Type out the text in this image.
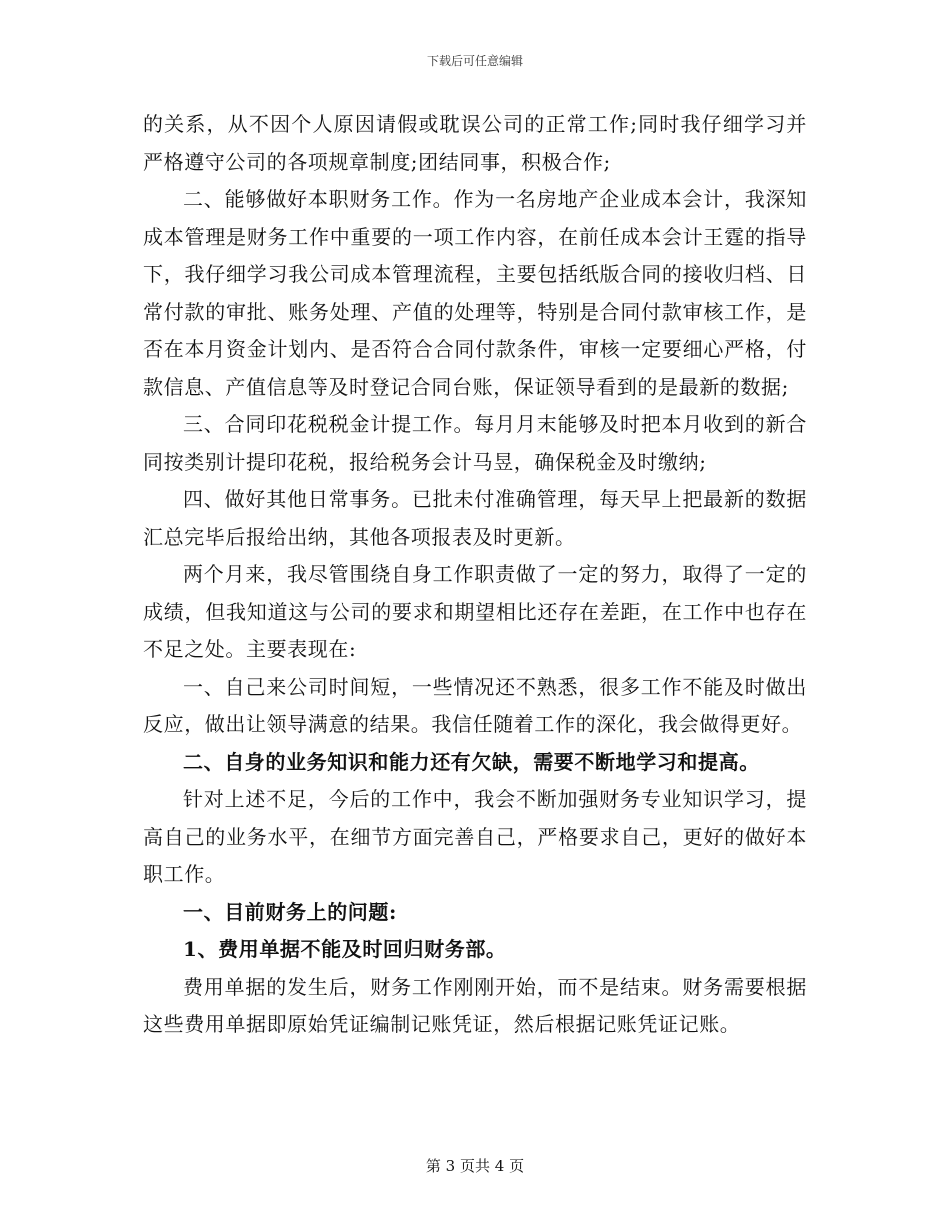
下载后可任意编辑

的关系，从不因个人原因请假或耽误公司的正常工作;同时我仔细学习并严格遵守公司的各项规章制度;团结同事，积极合作;

二、能够做好本职财务工作。作为一名房地产企业成本会计，我深知成本管理是财务工作中重要的一项工作内容，在前任成本会计王霆的指导下，我仔细学习我公司成本管理流程，主要包括纸版合同的接收归档、日常付款的审批、账务处理、产值的处理等，特别是合同付款审核工作，是否在本月资金计划内、是否符合合同付款条件，审核一定要细心严格，付款信息、产值信息等及时登记合同台账，保证领导看到的是最新的数据;

三、合同印花税税金计提工作。每月月末能够及时把本月收到的新合同按类别计提印花税，报给税务会计马昱，确保税金及时缴纳;

四、做好其他日常事务。已批未付准确管理，每天早上把最新的数据汇总完毕后报给出纳，其他各项报表及时更新。

两个月来，我尽管围绕自身工作职责做了一定的努力，取得了一定的成绩，但我知道这与公司的要求和期望相比还存在差距，在工作中也存在不足之处。主要表现在:

一、自己来公司时间短，一些情况还不熟悉，很多工作不能及时做出反应，做出让领导满意的结果。我信任随着工作的深化，我会做得更好。

二、自身的业务知识和能力还有欠缺，需要不断地学习和提高。

针对上述不足，今后的工作中，我会不断加强财务专业知识学习，提高自己的业务水平，在细节方面完善自己，严格要求自己，更好的做好本职工作。

一、目前财务上的问题:

1、费用单据不能及时回归财务部。

费用单据的发生后，财务工作刚刚开始，而不是结束。财务需要根据这些费用单据即原始凭证编制记账凭证，然后根据记账凭证记账。

第 3 页共 4 页
